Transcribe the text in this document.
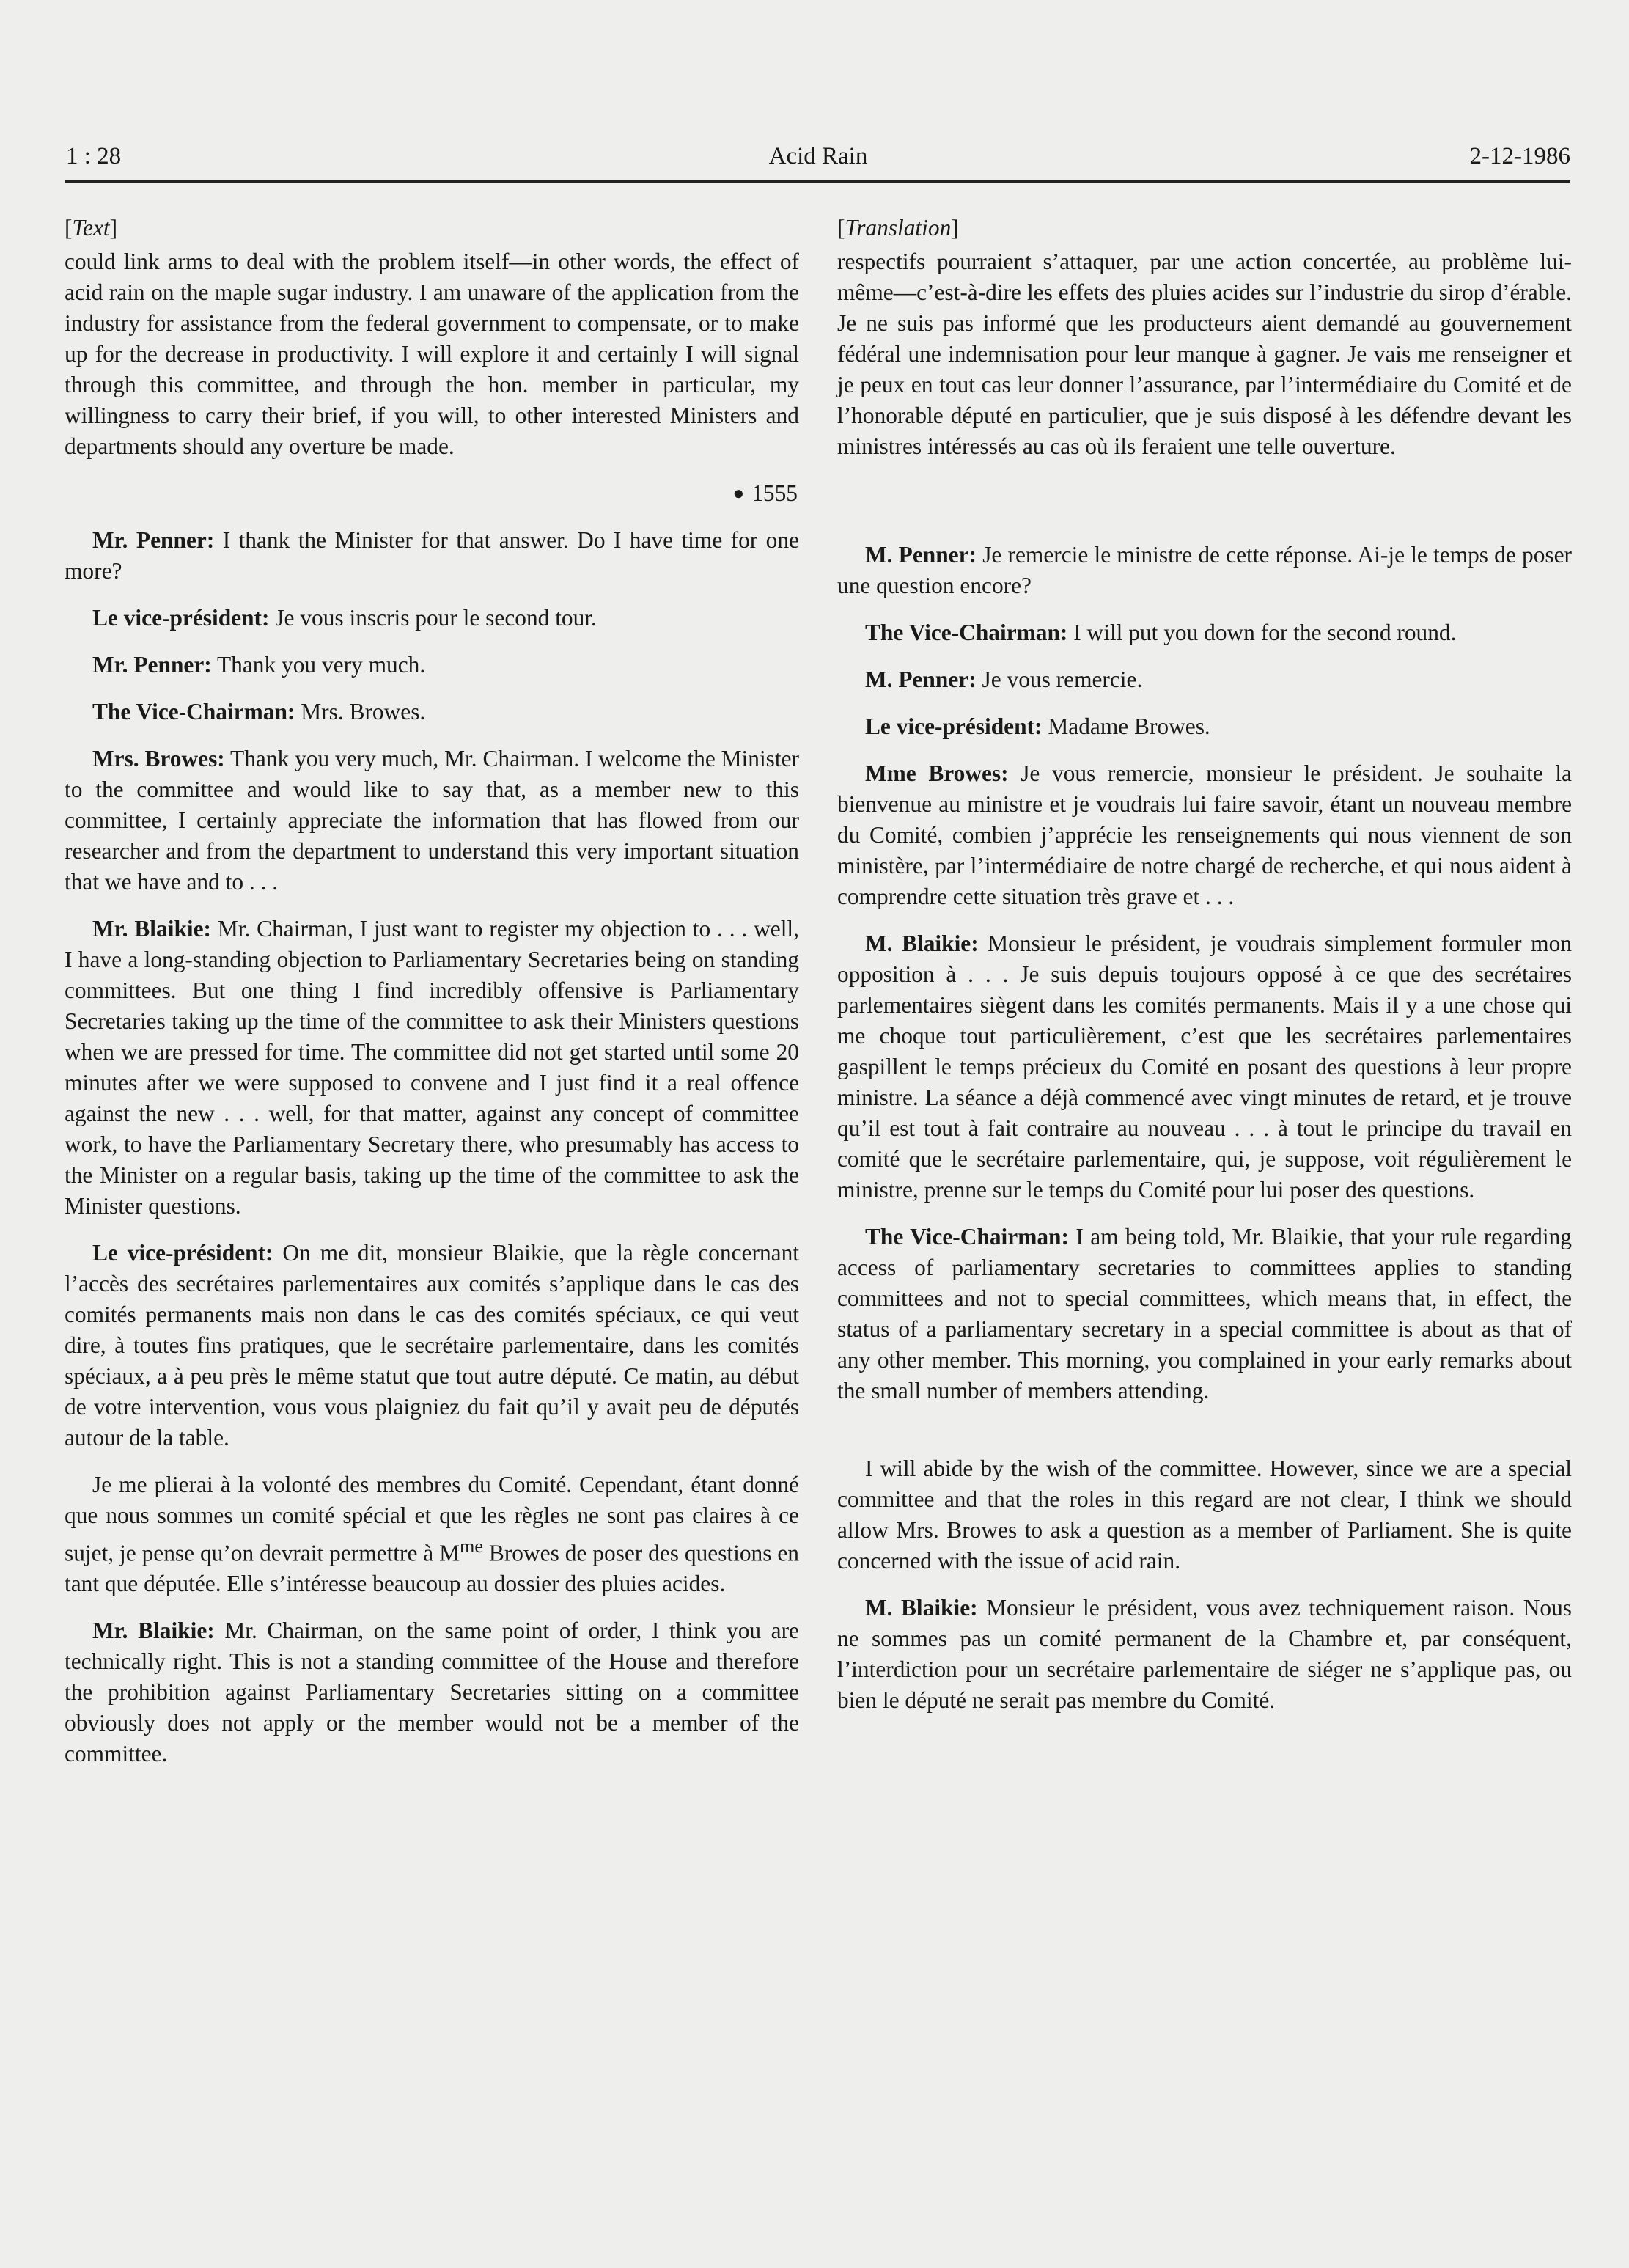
1 : 28	Acid Rain	2-12-1986
[Text]

could link arms to deal with the problem itself—in other words, the effect of acid rain on the maple sugar industry. I am unaware of the application from the industry for assistance from the federal government to compensate, or to make up for the decrease in productivity. I will explore it and certainly I will signal through this committee, and through the hon. member in particular, my willingness to carry their brief, if you will, to other interested Ministers and departments should any overture be made.

● 1555

Mr. Penner: I thank the Minister for that answer. Do I have time for one more?

Le vice-président: Je vous inscris pour le second tour.

Mr. Penner: Thank you very much.

The Vice-Chairman: Mrs. Browes.

Mrs. Browes: Thank you very much, Mr. Chairman. I welcome the Minister to the committee and would like to say that, as a member new to this committee, I certainly appreciate the information that has flowed from our researcher and from the department to understand this very important situation that we have and to . . .

Mr. Blaikie: Mr. Chairman, I just want to register my objection to . . . well, I have a long-standing objection to Parliamentary Secretaries being on standing committees. But one thing I find incredibly offensive is Parliamentary Secretaries taking up the time of the committee to ask their Ministers questions when we are pressed for time. The committee did not get started until some 20 minutes after we were supposed to convene and I just find it a real offence against the new . . . well, for that matter, against any concept of committee work, to have the Parliamentary Secretary there, who presumably has access to the Minister on a regular basis, taking up the time of the committee to ask the Minister questions.

Le vice-président: On me dit, monsieur Blaikie, que la règle concernant l’accès des secrétaires parlementaires aux comités s’applique dans le cas des comités permanents mais non dans le cas des comités spéciaux, ce qui veut dire, à toutes fins pratiques, que le secrétaire parlementaire, dans les comités spéciaux, a à peu près le même statut que tout autre député. Ce matin, au début de votre intervention, vous vous plaigniez du fait qu’il y avait peu de députés autour de la table.

Je me plierai à la volonté des membres du Comité. Cependant, étant donné que nous sommes un comité spécial et que les règles ne sont pas claires à ce sujet, je pense qu’on devrait permettre à $M^{me}$ Browes de poser des questions en tant que députée. Elle s’intéresse beaucoup au dossier des pluies acides.

Mr. Blaikie: Mr. Chairman, on the same point of order, I think you are technically right. This is not a standing committee of the House and therefore the prohibition against Parliamentary Secretaries sitting on a committee obviously does not apply or the member would not be a member of the committee.

[Translation]

respectifs pourraient s’attaquer, par une action concertée, au problème lui-même—c’est-à-dire les effets des pluies acides sur l’industrie du sirop d’érable. Je ne suis pas informé que les producteurs aient demandé au gouvernement fédéral une indemnisation pour leur manque à gagner. Je vais me renseigner et je peux en tout cas leur donner l’assurance, par l’intermédiaire du Comité et de l’honorable député en particulier, que je suis disposé à les défendre devant les ministres intéressés au cas où ils feraient une telle ouverture.

M. Penner: Je remercie le ministre de cette réponse. Ai-je le temps de poser une question encore?

The Vice-Chairman: I will put you down for the second round.

M. Penner: Je vous remercie.

Le vice-président: Madame Browes.

Mme Browes: Je vous remercie, monsieur le président. Je souhaite la bienvenue au ministre et je voudrais lui faire savoir, étant un nouveau membre du Comité, combien j’apprécie les renseignements qui nous viennent de son ministère, par l’intermédiaire de notre chargé de recherche, et qui nous aident à comprendre cette situation très grave et . . .

M. Blaikie: Monsieur le président, je voudrais simplement formuler mon opposition à . . . Je suis depuis toujours opposé à ce que des secrétaires parlementaires siègent dans les comités permanents. Mais il y a une chose qui me choque tout particulièrement, c’est que les secrétaires parlementaires gaspillent le temps précieux du Comité en posant des questions à leur propre ministre. La séance a déjà commencé avec vingt minutes de retard, et je trouve qu’il est tout à fait contraire au nouveau . . . à tout le principe du travail en comité que le secrétaire parlementaire, qui, je suppose, voit régulièrement le ministre, prenne sur le temps du Comité pour lui poser des questions.

The Vice-Chairman: I am being told, Mr. Blaikie, that your rule regarding access of parliamentary secretaries to committees applies to standing committees and not to special committees, which means that, in effect, the status of a parliamentary secretary in a special committee is about as that of any other member. This morning, you complained in your early remarks about the small number of members attending.

I will abide by the wish of the committee. However, since we are a special committee and that the roles in this regard are not clear, I think we should allow Mrs. Browes to ask a question as a member of Parliament. She is quite concerned with the issue of acid rain.

M. Blaikie: Monsieur le président, vous avez techniquement raison. Nous ne sommes pas un comité permanent de la Chambre et, par conséquent, l’interdiction pour un secrétaire parlementaire de siéger ne s’applique pas, ou bien le député ne serait pas membre du Comité.
